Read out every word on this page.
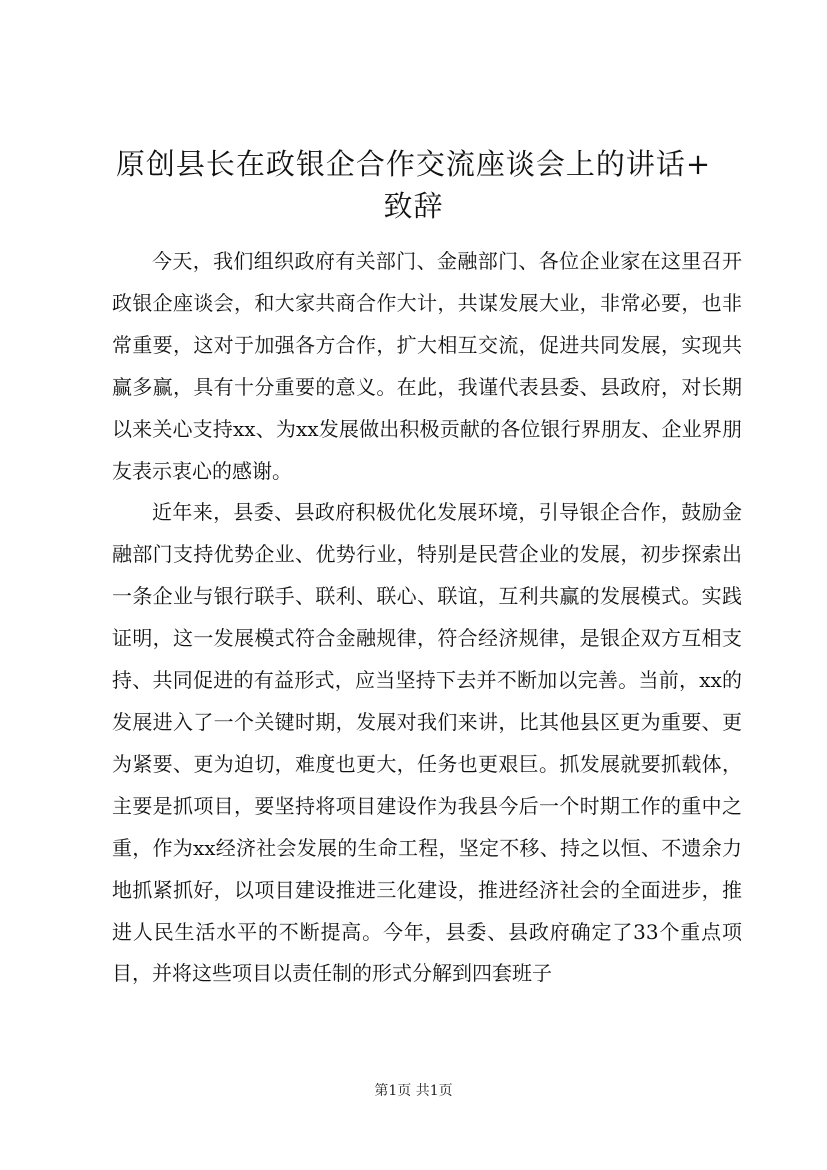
原创县长在政银企合作交流座谈会上的讲话+
致辞

今天，我们组织政府有关部门、金融部门、各位企业家在这里召开政银企座谈会，和大家共商合作大计，共谋发展大业，非常必要，也非常重要，这对于加强各方合作，扩大相互交流，促进共同发展，实现共赢多赢，具有十分重要的意义。在此，我谨代表县委、县政府，对长期以来关心支持xx、为xx发展做出积极贡献的各位银行界朋友、企业界朋友表示衷心的感谢。

近年来，县委、县政府积极优化发展环境，引导银企合作，鼓励金融部门支持优势企业、优势行业，特别是民营企业的发展，初步探索出一条企业与银行联手、联利、联心、联谊，互利共赢的发展模式。实践证明，这一发展模式符合金融规律，符合经济规律，是银企双方互相支持、共同促进的有益形式，应当坚持下去并不断加以完善。当前，xx的发展进入了一个关键时期，发展对我们来讲，比其他县区更为重要、更为紧要、更为迫切，难度也更大，任务也更艰巨。抓发展就要抓载体，主要是抓项目，要坚持将项目建设作为我县今后一个时期工作的重中之重，作为xx经济社会发展的生命工程，坚定不移、持之以恒、不遗余力地抓紧抓好，以项目建设推进三化建设，推进经济社会的全面进步，推进人民生活水平的不断提高。今年，县委、县政府确定了33个重点项目，并将这些项目以责任制的形式分解到四套班子

第1页 共1页
